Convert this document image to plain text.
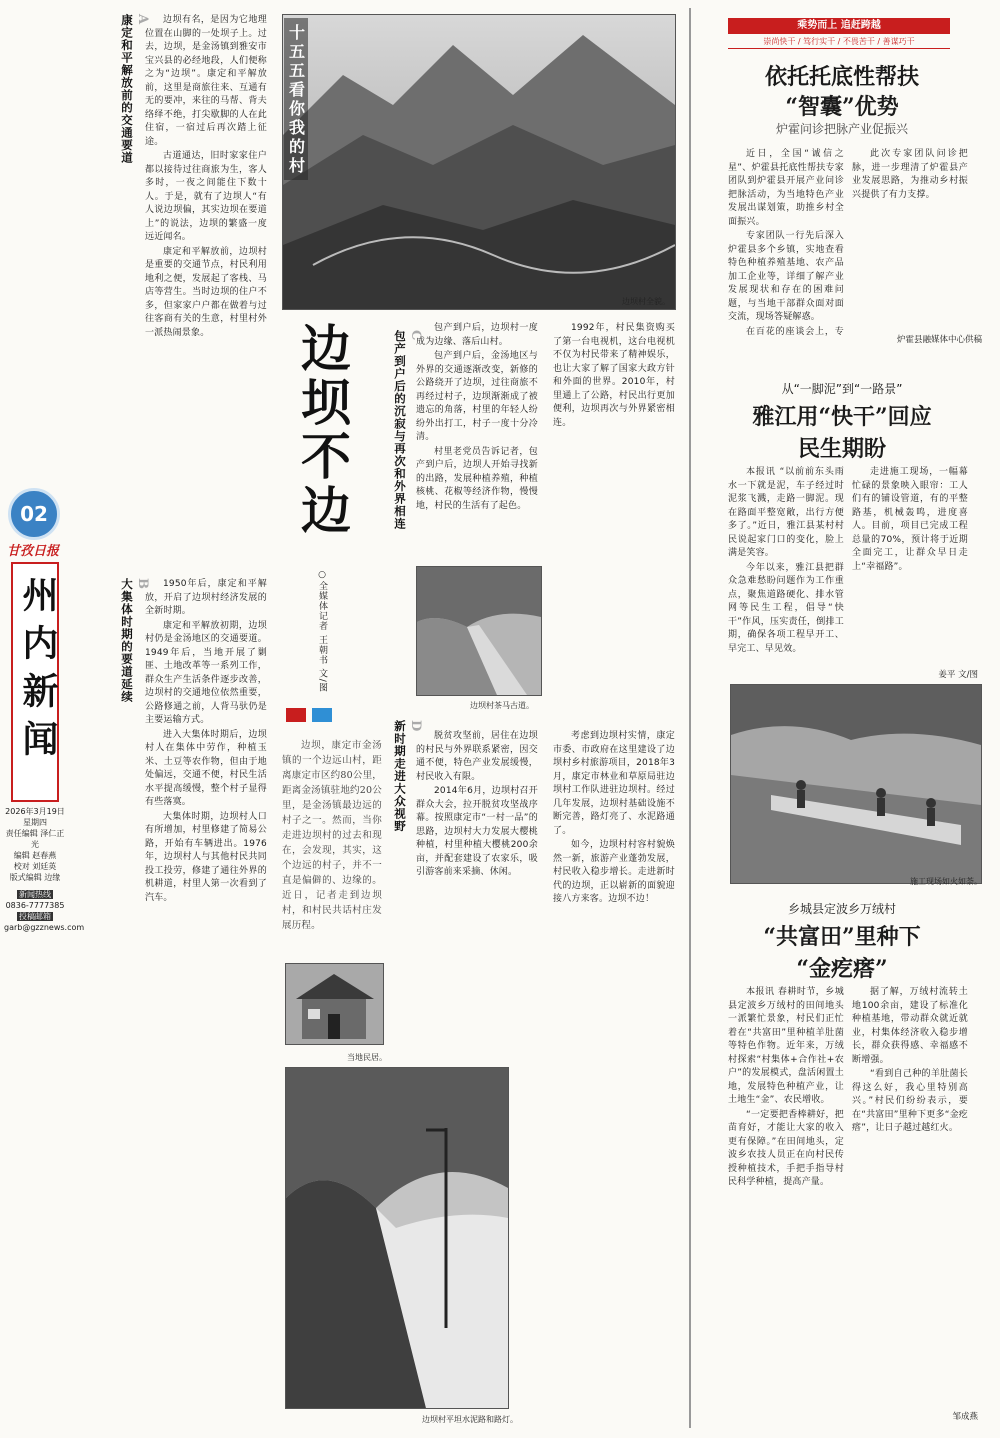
02
甘孜日报
州内新闻
2026年3月19日
星期四
责任编辑 泽仁正光
编辑 赵春燕
校对 刘廷英
版式编辑 边缘
新闻热线
0836-7777385
投稿邮箱
garb@gzznews.com
A
康定和平解放前的交通要道
B
大集体时期的要道延续
C
包产到户后的沉寂与再次和外界相连
D
新时期走进大众视野

边坝有名，是因为它地理位置在山脚的一处坝子上。过去，边坝，是金汤镇到雅安市宝兴县的必经地段，人们便称之为“边坝”。康定和平解放前，这里是商旅往来、互通有无的要冲，来往的马帮、背夫络绎不绝，打尖歇脚的人在此住宿，一宿过后再次踏上征途。

古道通达，旧时家家住户都以接待过往商旅为生，客人多时，一夜之间能住下数十人。于是，就有了边坝人“有人说边坝偏，其实边坝在要道上”的说法，边坝的繁盛一度远近闻名。

康定和平解放前，边坝村是重要的交通节点，村民利用地利之便，发展起了客栈、马店等营生。当时边坝的住户不多，但家家户户都在做着与过往客商有关的生意，村里村外一派热闹景象。

1950年后，康定和平解放，开启了边坝村经济发展的全新时期。

康定和平解放初期，边坝村仍是金汤地区的交通要道。1949年后，当地开展了剿匪、土地改革等一系列工作，群众生产生活条件逐步改善，边坝村的交通地位依然重要，公路修通之前，人背马驮仍是主要运输方式。

进入大集体时期后，边坝村人在集体中劳作，种植玉米、土豆等农作物，但由于地处偏远，交通不便，村民生活水平提高缓慢，整个村子显得有些落寞。

大集体时期，边坝村人口有所增加，村里修建了简易公路，开始有车辆进出。1976年，边坝村人与其他村民共同投工投劳，修建了通往外界的机耕道，村里人第一次看到了汽车。

十五五看你我的村
边坝村全貌。
边坝不边
○全媒体记者 王朝书 文/图

边坝，康定市金汤镇的一个边远山村，距离康定市区约80公里，距离金汤镇驻地约20公里，是金汤镇最边远的村子之一。然而，当你走进边坝村的过去和现在，会发现，其实，这个边远的村子，并不一直是偏僻的、边缘的。近日，记者走到边坝村，和村民共话村庄发展历程。

当地民居。
边坝村平坦水泥路和路灯。

包产到户后，边坝村一度成为边缘、落后山村。

包产到户后，金汤地区与外界的交通逐渐改变，新修的公路绕开了边坝，过往商旅不再经过村子，边坝渐渐成了被遗忘的角落，村里的年轻人纷纷外出打工，村子一度十分冷清。

村里老党员告诉记者，包产到户后，边坝人开始寻找新的出路，发展种植养殖，种植核桃、花椒等经济作物，慢慢地，村民的生活有了起色。

边坝村茶马古道。

1992年，村民集资购买了第一台电视机，这台电视机不仅为村民带来了精神娱乐，也让大家了解了国家大政方针和外面的世界。2010年，村里通上了公路，村民出行更加便利，边坝再次与外界紧密相连。

脱贫攻坚前，居住在边坝的村民与外界联系紧密，因交通不便，特色产业发展缓慢，村民收入有限。

2014年6月，边坝村召开群众大会，拉开脱贫攻坚战序幕。按照康定市“一村一品”的思路，边坝村大力发展大樱桃种植，村里种植大樱桃200余亩，并配套建设了农家乐，吸引游客前来采摘、休闲。

考虑到边坝村实情，康定市委、市政府在这里建设了边坝村乡村旅游项目，2018年3月，康定市林业和草原局驻边坝村工作队进驻边坝村。经过几年发展，边坝村基础设施不断完善，路灯亮了、水泥路通了。

如今，边坝村村容村貌焕然一新，旅游产业蓬勃发展，村民收入稳步增长。走进新时代的边坝，正以崭新的面貌迎接八方来客。边坝不边！

乘势而上 追赶跨越
崇尚快干 / 笃行实干 / 不畏苦干 / 善谋巧干
依托托底性帮扶
“智囊”优势
炉霍问诊把脉产业促振兴

近日，全国“诚信之星”、炉霍县托底性帮扶专家团队到炉霍县开展产业问诊把脉活动，为当地特色产业发展出谋划策，助推乡村全面振兴。

专家团队一行先后深入炉霍县多个乡镇，实地查看特色种植养殖基地、农产品加工企业等，详细了解产业发展现状和存在的困难问题，与当地干部群众面对面交流，现场答疑解惑。

在百花的座谈会上，专

此次专家团队问诊把脉，进一步理清了炉霍县产业发展思路，为推动乡村振兴提供了有力支撑。

炉霍县融媒体中心供稿
从“一脚泥”到“一路景”
雅江用“快干”回应
民生期盼

本报讯 “以前前东头雨水一下就是泥，车子经过时泥浆飞溅，走路一脚泥。现在路面平整宽敞，出行方便多了。”近日，雅江县某村村民说起家门口的变化，脸上满是笑容。

今年以来，雅江县把群众急难愁盼问题作为工作重点，聚焦道路硬化、排水管网等民生工程，倡导“快干”作风，压实责任，倒排工期，确保各项工程早开工、早完工、早见效。

走进施工现场，一幅幕忙碌的景象映入眼帘：工人们有的铺设管道，有的平整路基，机械轰鸣，进度喜人。目前，项目已完成工程总量的70%，预计将于近期全面完工，让群众早日走上“幸福路”。

姜平 文/图
施工现场如火如荼。
乡城县定波乡万绒村
“共富田”里种下
“金疙瘩”

本报讯 春耕时节，乡城县定波乡万绒村的田间地头一派繁忙景象，村民们正忙着在“共富田”里种植羊肚菌等特色作物。近年来，万绒村探索“村集体+合作社+农户”的发展模式，盘活闲置土地，发展特色种植产业，让土地生“金”、农民增收。

“一定要把香棒耕好，把苗育好，才能让大家的收入更有保障。”在田间地头，定波乡农技人员正在向村民传授种植技术，手把手指导村民科学种植，提高产量。

据了解，万绒村流转土地100余亩，建设了标准化种植基地，带动群众就近就业，村集体经济收入稳步增长，群众获得感、幸福感不断增强。

“看到自己种的羊肚菌长得这么好，我心里特别高兴。”村民们纷纷表示，要在“共富田”里种下更多“金疙瘩”，让日子越过越红火。

邹成燕
